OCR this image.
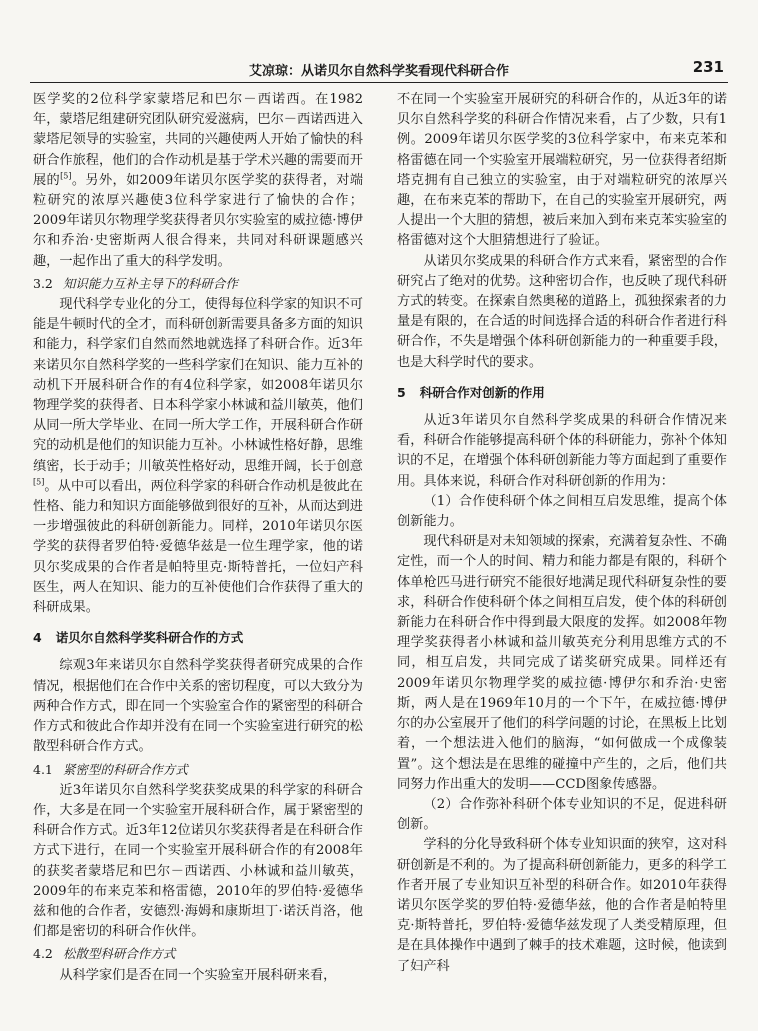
艾凉琼：从诺贝尔自然科学奖看现代科研合作	231

医学奖的2位科学家蒙塔尼和巴尔－西诺西。在1982年，蒙塔尼组建研究团队研究爱滋病，巴尔－西诺西进入蒙塔尼领导的实验室，共同的兴趣使两人开始了愉快的科研合作旅程，他们的合作动机是基于学术兴趣的需要而开展的[5]。另外，如2009年诺贝尔医学奖的获得者，对端粒研究的浓厚兴趣使3位科学家进行了愉快的合作；2009年诺贝尔物理学奖获得者贝尔实验室的威拉德·博伊尔和乔治·史密斯两人很合得来，共同对科研课题感兴趣，一起作出了重大的科学发明。

3.2 知识能力互补主导下的科研合作

现代科学专业化的分工，使得每位科学家的知识不可能是牛顿时代的全才，而科研创新需要具备多方面的知识和能力，科学家们自然而然地就选择了科研合作。近3年来诺贝尔自然科学奖的一些科学家们在知识、能力互补的动机下开展科研合作的有4位科学家，如2008年诺贝尔物理学奖的获得者、日本科学家小林诚和益川敏英，他们从同一所大学毕业、在同一所大学工作，开展科研合作研究的动机是他们的知识能力互补。小林诚性格好静，思维缜密，长于动手；川敏英性格好动，思维开阔，长于创意[5]。从中可以看出，两位科学家的科研合作动机是彼此在性格、能力和知识方面能够做到很好的互补，从而达到进一步增强彼此的科研创新能力。同样，2010年诺贝尔医学奖的获得者罗伯特·爱德华兹是一位生理学家，他的诺贝尔奖成果的合作者是帕特里克·斯特普托，一位妇产科医生，两人在知识、能力的互补使他们合作获得了重大的科研成果。

4 诺贝尔自然科学奖科研合作的方式

综观3年来诺贝尔自然科学奖获得者研究成果的合作情况，根据他们在合作中关系的密切程度，可以大致分为两种合作方式，即在同一个实验室合作的紧密型的科研合作方式和彼此合作却并没有在同一个实验室进行研究的松散型科研合作方式。

4.1 紧密型的科研合作方式

近3年诺贝尔自然科学奖获奖成果的科学家的科研合作，大多是在同一个实验室开展科研合作，属于紧密型的科研合作方式。近3年12位诺贝尔奖获得者是在科研合作方式下进行，在同一个实验室开展科研合作的有2008年的获奖者蒙塔尼和巴尔－西诺西、小林诚和益川敏英，2009年的布来克苯和格雷德，2010年的罗伯特·爱德华兹和他的合作者，安德烈·海姆和康斯坦丁·诺沃肖洛，他们都是密切的科研合作伙伴。

4.2 松散型科研合作方式

从科学家们是否在同一个实验室开展科研来看，

不在同一个实验室开展研究的科研合作的，从近3年的诺贝尔自然科学奖的科研合作情况来看，占了少数，只有1例。2009年诺贝尔医学奖的3位科学家中，布来克苯和格雷德在同一个实验室开展端粒研究，另一位获得者绍斯塔克拥有自己独立的实验室，由于对端粒研究的浓厚兴趣，在布来克苯的帮助下，在自己的实验室开展研究，两人提出一个大胆的猜想，被后来加入到布来克苯实验室的格雷德对这个大胆猜想进行了验证。

从诺贝尔奖成果的科研合作方式来看，紧密型的合作研究占了绝对的优势。这种密切合作，也反映了现代科研方式的转变。在探索自然奥秘的道路上，孤独探索者的力量是有限的，在合适的时间选择合适的科研合作者进行科研合作，不失是增强个体科研创新能力的一种重要手段，也是大科学时代的要求。

5 科研合作对创新的作用

从近3年诺贝尔自然科学奖成果的科研合作情况来看，科研合作能够提高科研个体的科研能力，弥补个体知识的不足，在增强个体科研创新能力等方面起到了重要作用。具体来说，科研合作对科研创新的作用为：

（1）合作使科研个体之间相互启发思维，提高个体创新能力。

现代科研是对未知领域的探索，充满着复杂性、不确定性，而一个人的时间、精力和能力都是有限的，科研个体单枪匹马进行研究不能很好地满足现代科研复杂性的要求，科研合作使科研个体之间相互启发，使个体的科研创新能力在科研合作中得到最大限度的发挥。如2008年物理学奖获得者小林诚和益川敏英充分利用思维方式的不同，相互启发，共同完成了诺奖研究成果。同样还有2009年诺贝尔物理学奖的威拉德·博伊尔和乔治·史密斯，两人是在1969年10月的一个下午，在威拉德·博伊尔的办公室展开了他们的科学问题的讨论，在黑板上比划着，一个想法进入他们的脑海，“如何做成一个成像装置”。这个想法是在思维的碰撞中产生的，之后，他们共同努力作出重大的发明——CCD图象传感器。

（2）合作弥补科研个体专业知识的不足，促进科研创新。

学科的分化导致科研个体专业知识面的狭窄，这对科研创新是不利的。为了提高科研创新能力，更多的科学工作者开展了专业知识互补型的科研合作。如2010年获得诺贝尔医学奖的罗伯特·爱德华兹，他的合作者是帕特里克·斯特普托，罗伯特·爱德华兹发现了人类受精原理，但是在具体操作中遇到了棘手的技术难题，这时候，他读到了妇产科
